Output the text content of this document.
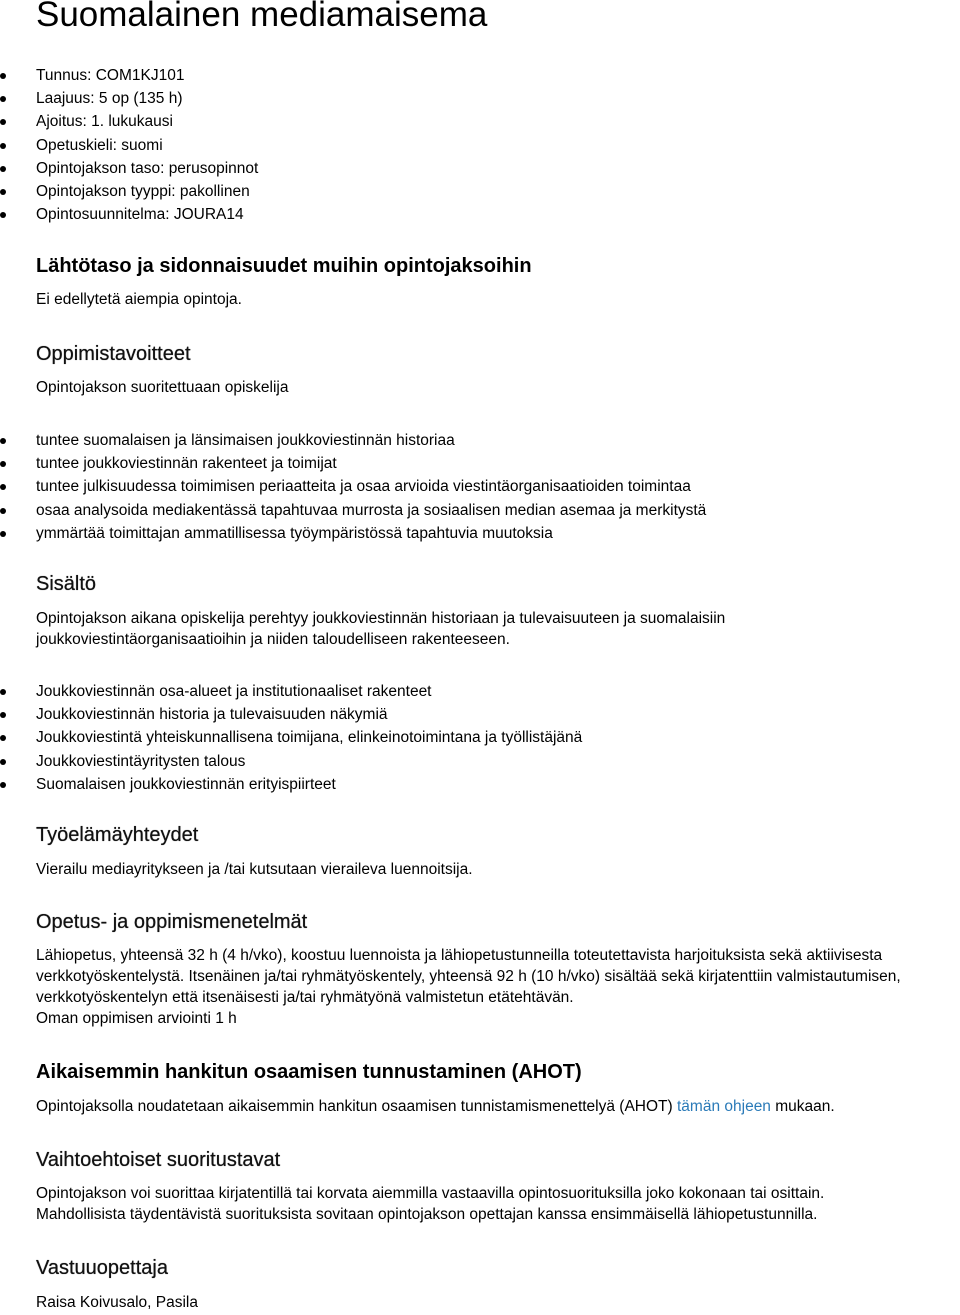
Suomalainen mediamaisema
Tunnus: COM1KJ101
Laajuus: 5 op (135 h)
Ajoitus: 1. lukukausi
Opetuskieli: suomi
Opintojakson taso: perusopinnot
Opintojakson tyyppi: pakollinen
Opintosuunnitelma: JOURA14
Lähtötaso ja sidonnaisuudet muihin opintojaksoihin

Ei edellytetä aiempia opintoja.

Oppimistavoitteet

Opintojakson suoritettuaan opiskelija

tuntee suomalaisen ja länsimaisen joukkoviestinnän historiaa
tuntee joukkoviestinnän rakenteet ja toimijat
tuntee julkisuudessa toimimisen periaatteita ja osaa arvioida viestintäorganisaatioiden toimintaa
osaa analysoida mediakentässä tapahtuvaa murrosta ja sosiaalisen median asemaa ja merkitystä
ymmärtää toimittajan ammatillisessa työympäristössä tapahtuvia muutoksia
Sisältö

Opintojakson aikana opiskelija perehtyy joukkoviestinnän historiaan ja tulevaisuuteen ja suomalaisiin

joukkoviestintäorganisaatioihin ja niiden taloudelliseen rakenteeseen.

Joukkoviestinnän osa-alueet ja institutionaaliset rakenteet
Joukkoviestinnän historia ja tulevaisuuden näkymiä
Joukkoviestintä yhteiskunnallisena toimijana, elinkeinotoimintana ja työllistäjänä
Joukkoviestintäyritysten talous
Suomalaisen joukkoviestinnän erityispiirteet
Työelämäyhteydet

Vierailu mediayritykseen ja /tai kutsutaan vieraileva luennoitsija.

Opetus- ja oppimismenetelmät

Lähiopetus, yhteensä 32 h (4 h/vko), koostuu luennoista ja lähiopetustunneilla toteutettavista harjoituksista sekä aktiivisesta

verkkotyöskentelystä. Itsenäinen ja/tai ryhmätyöskentely, yhteensä 92 h (10 h/vko) sisältää sekä kirjatenttiin valmistautumisen,

verkkotyöskentelyn että itsenäisesti ja/tai ryhmätyönä valmistetun etätehtävän.

Oman oppimisen arviointi 1 h

Aikaisemmin hankitun osaamisen tunnustaminen (AHOT)

Opintojaksolla noudatetaan aikaisemmin hankitun osaamisen tunnistamismenettelyä (AHOT) tämän ohjeen mukaan.

Vaihtoehtoiset suoritustavat

Opintojakson voi suorittaa kirjatentillä tai korvata aiemmilla vastaavilla opintosuorituksilla joko kokonaan tai osittain.

Mahdollisista täydentävistä suorituksista sovitaan opintojakson opettajan kanssa ensimmäisellä lähiopetustunnilla.

Vastuuopettaja

Raisa Koivusalo, Pasila
